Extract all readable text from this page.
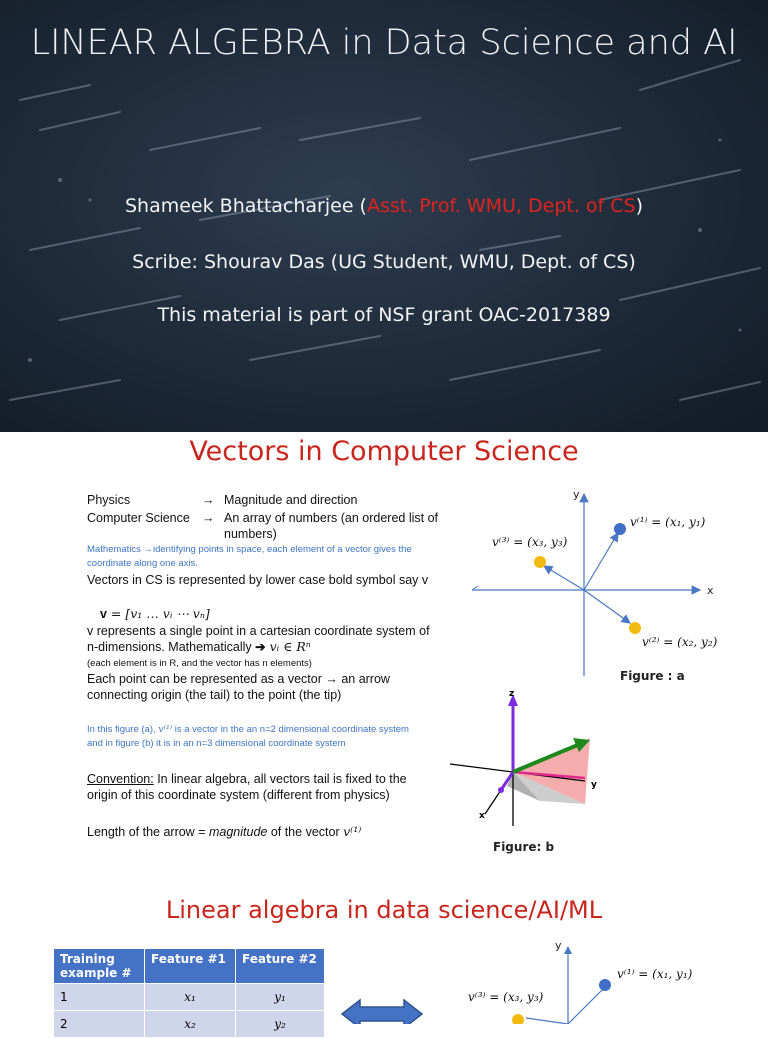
LINEAR ALGEBRA in Data Science and AI
Shameek Bhattacharjee (Asst. Prof. WMU, Dept. of CS)
Scribe: Shourav Das (UG Student, WMU, Dept. of CS)
This material is part of NSF grant OAC-2017389
Vectors in Computer Science
Physics	→ Magnitude and direction
Computer Science → An array of numbers (an ordered list of numbers)
Mathematics →identifying points in space, each element of a vector gives the coordinate along one axis.
Vectors in CS is represented by lower case bold symbol say v
v = [v₁ … vᵢ ⋯ vₙ]
v represents a single point in a cartesian coordinate system of n-dimensions. Mathematically ➔ vᵢ ∈ Rⁿ
(each element is in R, and the vector has n elements)
Each point can be represented as a vector → an arrow connecting origin (the tail) to the point (the tip)
In this figure (a), v⁽¹⁾ is a vector in the an n=2 dimensional coordinate system and in figure (b) it is in an n=3 dimensional coordinate system
Convention: In linear algebra, all vectors tail is fixed to the origin of this coordinate system (different from physics)
Length of the arrow = magnitude of the vector v⁽¹⁾
y
x
v⁽¹⁾ = (x₁, y₁)
v⁽²⁾ = (x₂, y₂)
v⁽³⁾ = (x₃, y₃)
Figure : a
z
y
x
Figure: b
Linear algebra in data science/AI/ML
Training example #	Feature #1	Feature #2
1	x₁	y₁
2	x₂	y₂
y
v⁽¹⁾ = (x₁, y₁)
v⁽³⁾ = (x₃, y₃)
